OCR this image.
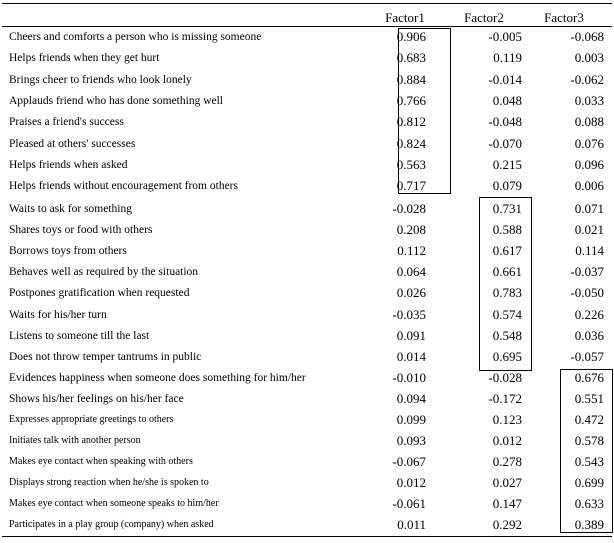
Factor1	Factor2	Factor3
Cheers and comforts a person who is missing someone	0.906	-0.005	-0.068
Helps friends when they get hurt	0.683	0.119	0.003
Brings cheer to friends who look lonely	0.884	-0.014	-0.062
Applauds friend who has done something well	0.766	0.048	0.033
Praises a friend's success	0.812	-0.048	0.088
Pleased at others' successes	0.824	-0.070	0.076
Helps friends when asked	0.563	0.215	0.096
Helps friends without encouragement from others	0.717	0.079	0.006
Waits to ask for something	-0.028	0.731	0.071
Shares toys or food with others	0.208	0.588	0.021
Borrows toys from others	0.112	0.617	0.114
Behaves well as required by the situation	0.064	0.661	-0.037
Postpones gratification when requested	0.026	0.783	-0.050
Waits for his/her turn	-0.035	0.574	0.226
Listens to someone till the last	0.091	0.548	0.036
Does not throw temper tantrums in public	0.014	0.695	-0.057
Evidences happiness when someone does something for him/her	-0.010	-0.028	0.676
Shows his/her feelings on his/her face	0.094	-0.172	0.551
Expresses appropriate greetings to others	0.099	0.123	0.472
Initiates talk with another person	0.093	0.012	0.578
Makes eye contact when speaking with others	-0.067	0.278	0.543
Displays strong reaction when he/she is spoken to	0.012	0.027	0.699
Makes eye contact when someone speaks to him/her	-0.061	0.147	0.633
Participates in a play group (company) when asked	0.011	0.292	0.389
